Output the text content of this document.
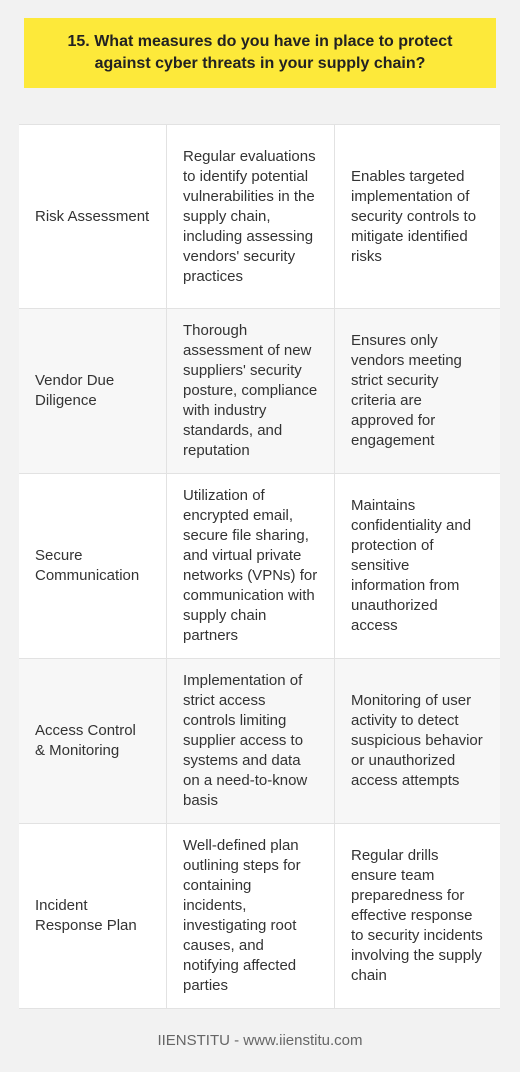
15. What measures do you have in place to protect against cyber threats in your supply chain?
Risk Assessment
Regular evaluations to identify potential vulnerabilities in the supply chain, including assessing vendors' security practices
Enables targeted implementation of security controls to mitigate identified risks
Vendor Due Diligence
Thorough assessment of new suppliers' security posture, compliance with industry standards, and reputation
Ensures only vendors meeting strict security criteria are approved for engagement
Secure Communication
Utilization of encrypted email, secure file sharing, and virtual private networks (VPNs) for communication with supply chain partners
Maintains confidentiality and protection of sensitive information from unauthorized access
Access Control & Monitoring
Implementation of strict access controls limiting supplier access to systems and data on a need-to-know basis
Monitoring of user activity to detect suspicious behavior or unauthorized access attempts
Incident Response Plan
Well-defined plan outlining steps for containing incidents, investigating root causes, and notifying affected parties
Regular drills ensure team preparedness for effective response to security incidents involving the supply chain
IIENSTITU - www.iienstitu.com
